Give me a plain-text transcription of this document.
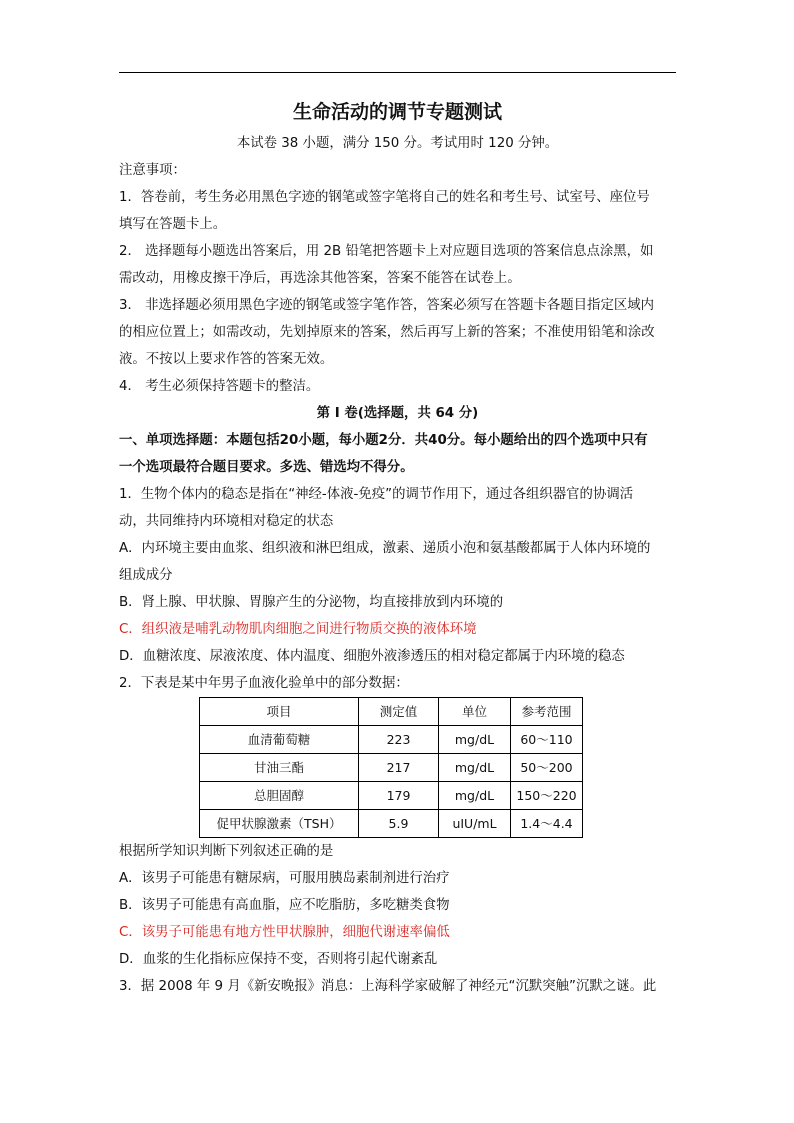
生命活动的调节专题测试

本试卷 38 小题，满分 150 分。考试用时 120 分钟。

注意事项：

1．答卷前，考生务必用黑色字迹的钢笔或签字笔将自己的姓名和考生号、试室号、座位号

填写在答题卡上。

2． 选择题每小题选出答案后，用 2B 铅笔把答题卡上对应题目选项的答案信息点涂黑，如

需改动，用橡皮擦干净后，再选涂其他答案，答案不能答在试卷上。

3． 非选择题必须用黑色字迹的钢笔或签字笔作答，答案必须写在答题卡各题目指定区域内

的相应位置上；如需改动，先划掉原来的答案，然后再写上新的答案；不准使用铅笔和涂改

液。不按以上要求作答的答案无效。

4． 考生必须保持答题卡的整洁。

第 I 卷(选择题，共 64 分)

一、单项选择题：本题包括20小题，每小题2分．共40分。每小题给出的四个选项中只有

一个选项最符合题目要求。多选、错选均不得分。

1．生物个体内的稳态是指在“神经-体液-免疫”的调节作用下，通过各组织器官的协调活

动，共同维持内环境相对稳定的状态

A．内环境主要由血浆、组织液和淋巴组成，激素、递质小泡和氨基酸都属于人体内环境的

组成成分

B．肾上腺、甲状腺、胃腺产生的分泌物，均直接排放到内环境的

C．组织液是哺乳动物肌肉细胞之间进行物质交换的液体环境

D．血糖浓度、尿液浓度、体内温度、细胞外液渗透压的相对稳定都属于内环境的稳态

2．下表是某中年男子血液化验单中的部分数据：

项目	测定值	单位	参考范围
血清葡萄糖	223	mg/dL	60～110
甘油三酯	217	mg/dL	50～200
总胆固醇	179	mg/dL	150～220
促甲状腺激素（TSH）	5.9	uIU/mL	1.4～4.4

根据所学知识判断下列叙述正确的是

A．该男子可能患有糖尿病，可服用胰岛素制剂进行治疗

B．该男子可能患有高血脂，应不吃脂肪，多吃糖类食物

C．该男子可能患有地方性甲状腺肿，细胞代谢速率偏低

D．血浆的生化指标应保持不变，否则将引起代谢紊乱

3．据 2008 年 9 月《新安晚报》消息：上海科学家破解了神经元“沉默突触”沉默之谜。此
